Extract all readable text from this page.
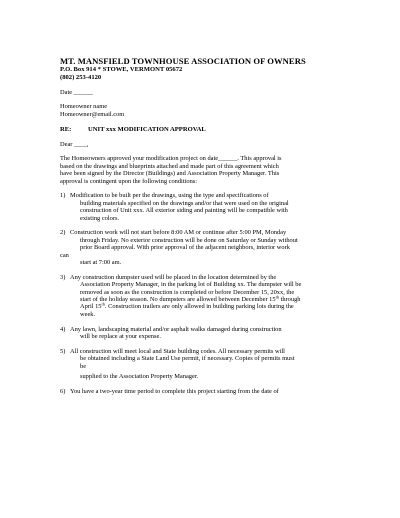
MT. MANSFIELD TOWNHOUSE ASSOCIATION OF OWNERS
P.O. Box 914 * STOWE, VERMONT 05672
(802) 253-4120

Date ______

Homeowner name

Homeowner@email.com

RE:	UNIT xxx MODIFICATION APPROVAL

Dear ____,

The Homeowners approved your modification project on date______. This approval is
based on the drawings and blueprints attached and made part of this agreement which
have been signed by the Director (Buildings) and Association Property Manager. This
approval is contingent upon the following conditions:
1) Modification to be built per the drawings, using the type and specifications of
building materials specified on the drawings and/or that were used on the original
construction of Unit xxx. All exterior siding and painting will be compatible with
existing colors.
2) Construction work will not start before 8:00 AM or continue after 5:00 PM, Monday
through Friday. No exterior construction will be done on Saturday or Sunday without
prior Board approval. With prior approval of the adjacent neighbors, interior work
can
start at 7:00 am.
3) Any construction dumpster used will be placed in the location determined by the
Association Property Manager, in the parking lot of Building xx. The dumpster will be
removed as soon as the construction is completed or before December 15, 20xx, the
start of the holiday season. No dumpsters are allowed between December 15th through
April 15th. Construction trailers are only allowed in building parking lots during the
week.
4) Any lawn, landscaping material and/or asphalt walks damaged during construction
will be replace at your expense.
5) All construction will meet local and State building codes. All necessary permits will
be obtained including a State Land Use permit, if necessary. Copies of permits must
be
supplied to the Association Property Manager.
6) You have a two-year time period to complete this project starting from the date of
